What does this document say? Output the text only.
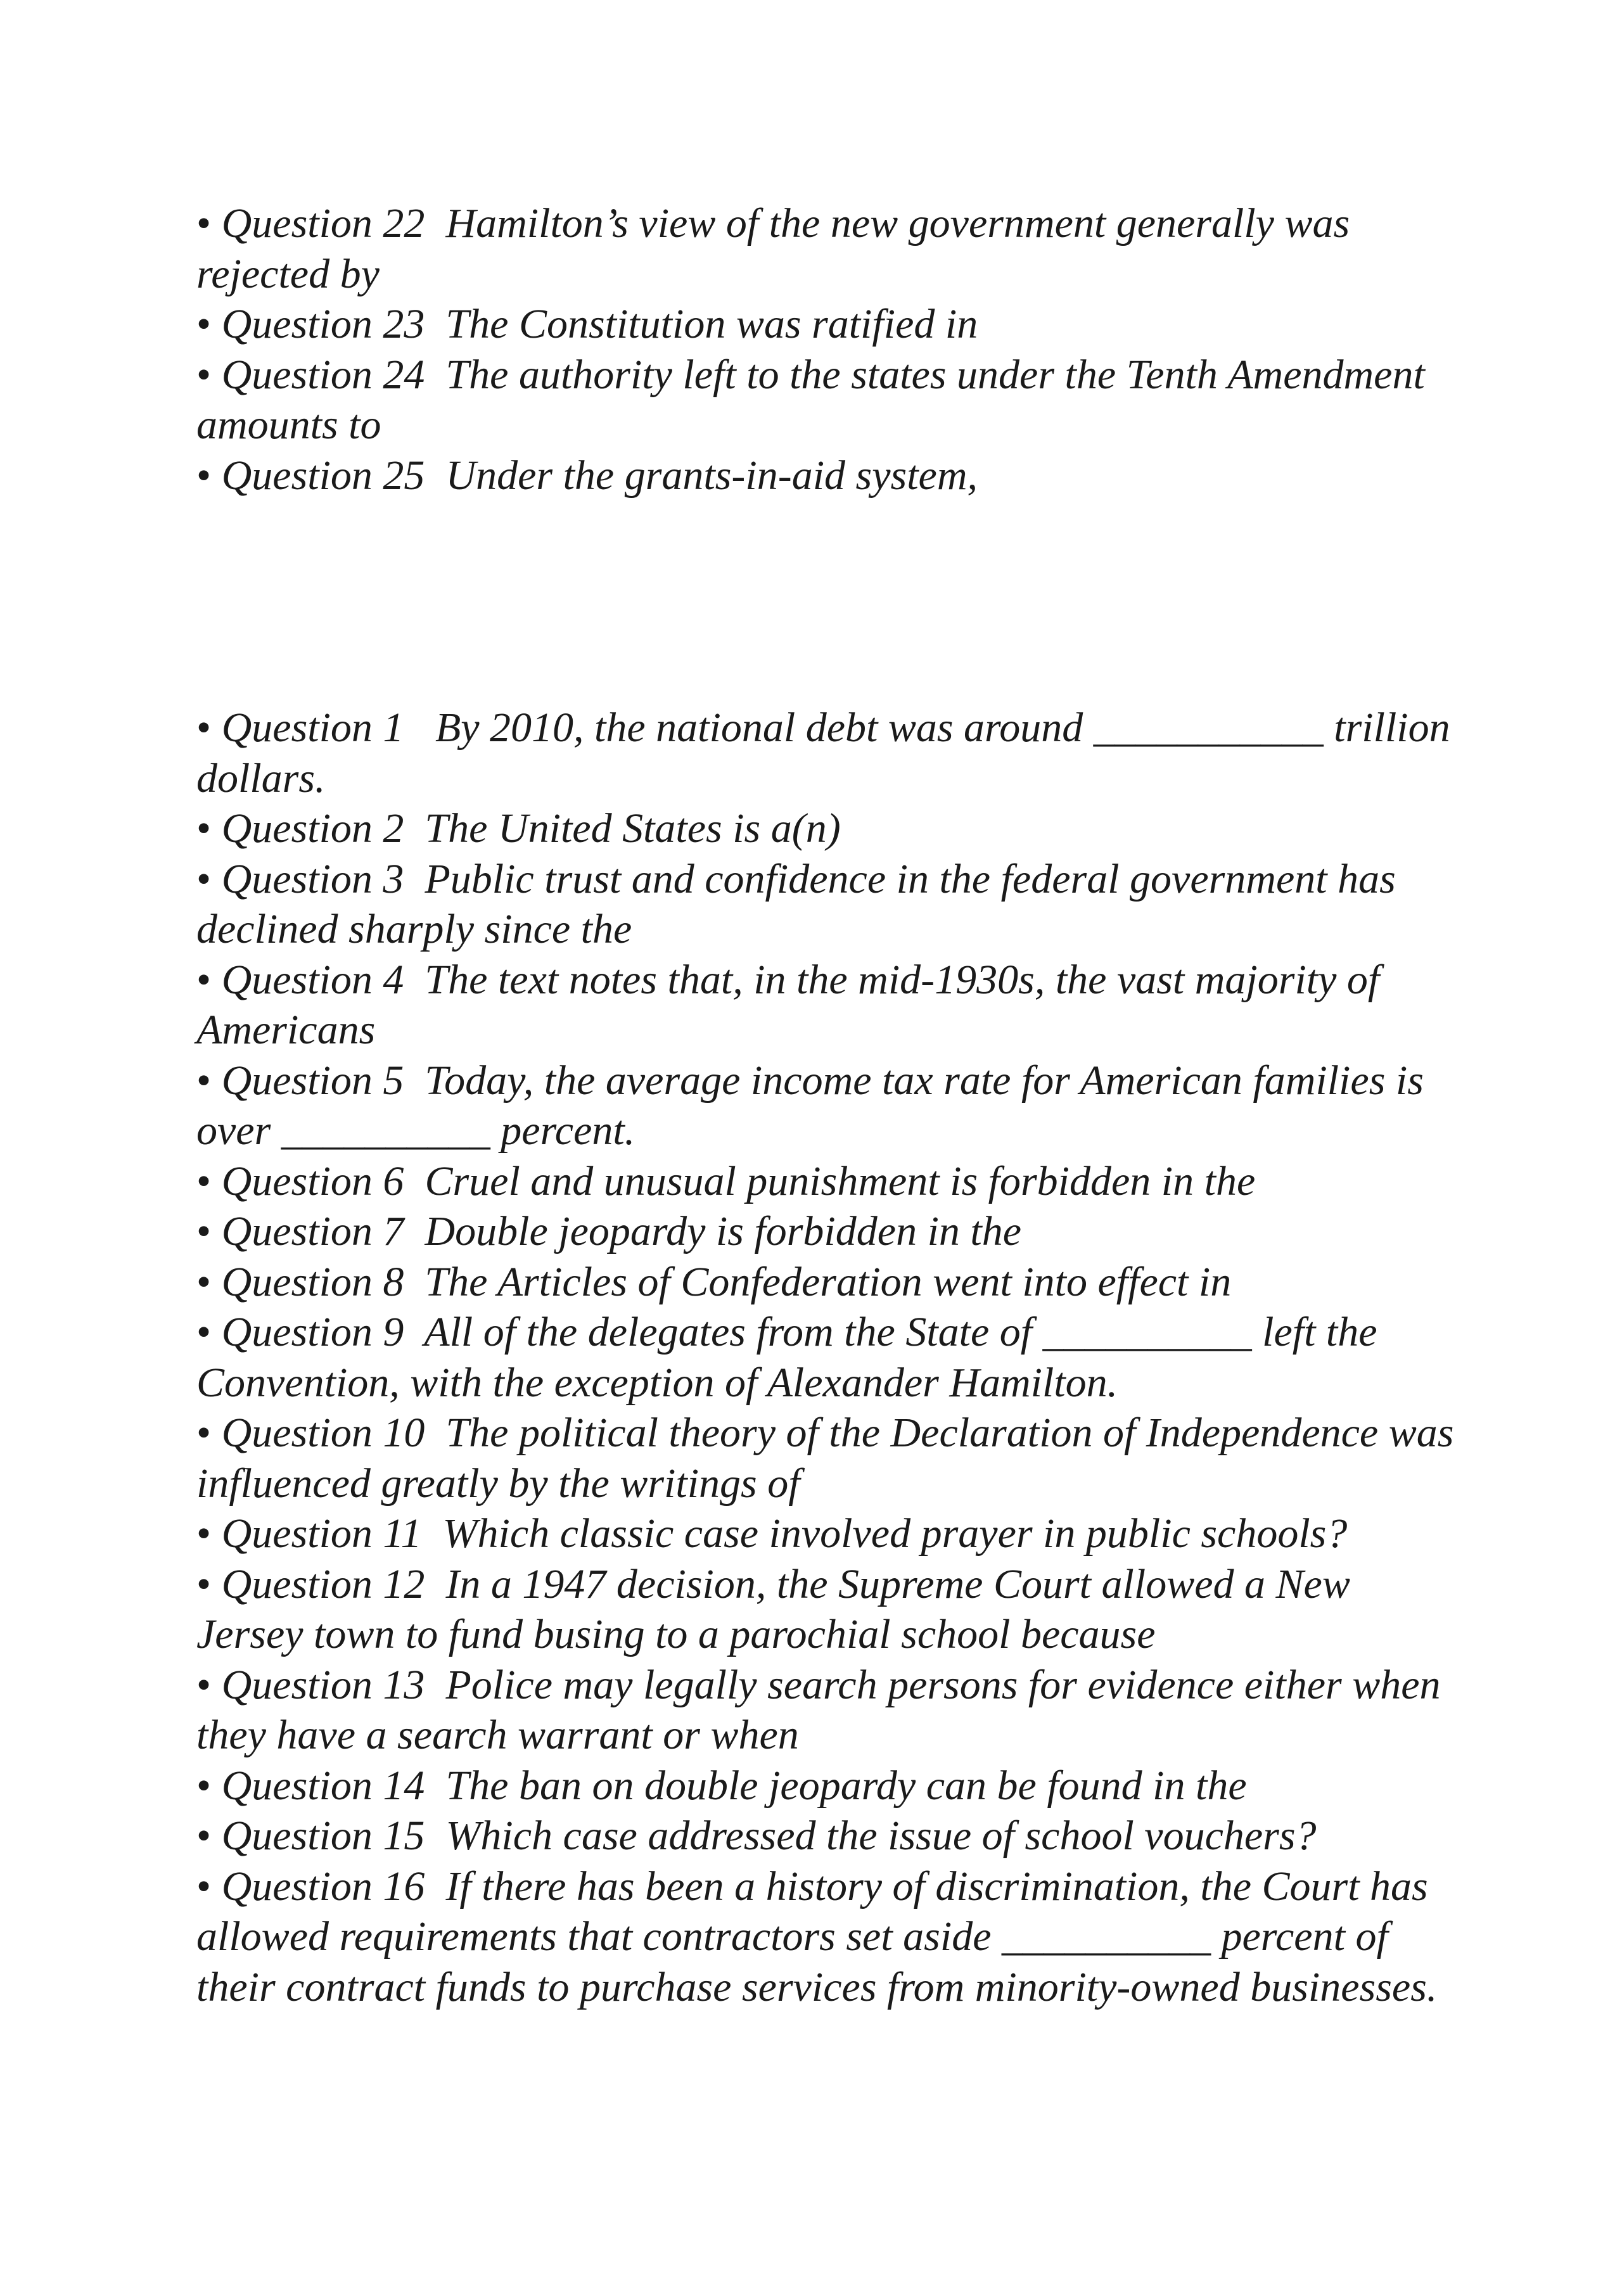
• Question 22 Hamilton’s view of the new government generally was rejected by
• Question 23 The Constitution was ratified in
• Question 24 The authority left to the states under the Tenth Amendment amounts to
• Question 25 Under the grants-in-aid system,
• Question 1   By 2010, the national debt was around ___________ trillion dollars.
• Question 2 The United States is a(n)
• Question 3 Public trust and confidence in the federal government has declined sharply since the
• Question 4 The text notes that, in the mid-1930s, the vast majority of Americans
• Question 5 Today, the average income tax rate for American families is over __________ percent.
• Question 6 Cruel and unusual punishment is forbidden in the
• Question 7 Double jeopardy is forbidden in the
• Question 8 The Articles of Confederation went into effect in
• Question 9 All of the delegates from the State of __________ left the Convention, with the exception of Alexander Hamilton.
• Question 10 The political theory of the Declaration of Independence was influenced greatly by the writings of
• Question 11 Which classic case involved prayer in public schools?
• Question 12 In a 1947 decision, the Supreme Court allowed a New Jersey town to fund busing to a parochial school because
• Question 13 Police may legally search persons for evidence either when they have a search warrant or when
• Question 14 The ban on double jeopardy can be found in the
• Question 15 Which case addressed the issue of school vouchers?
• Question 16 If there has been a history of discrimination, the Court has allowed requirements that contractors set aside __________ percent of their contract funds to purchase services from minority-owned businesses.
